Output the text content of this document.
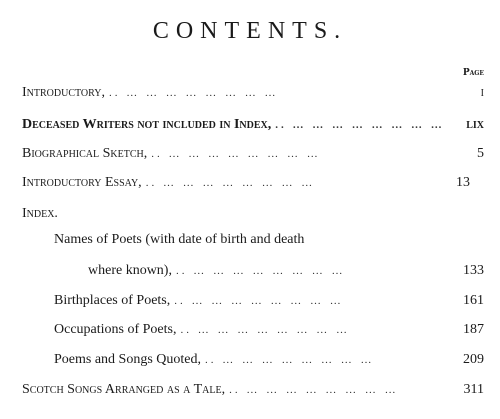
CONTENTS.
Page
Introductory, .. … … … … … … … …	i
Deceased Writers not included in Index, .. … … … … … … … …	lix
Biographical Sketch, .. … … … … … … … …	5
Introductory Essay, .. … … … … … … … …	13
Index.
Names of Poets (with date of birth and death
where known), .. … … … … … … … …	133
Birthplaces of Poets, .. … … … … … … … …	161
Occupations of Poets, .. … … … … … … … …	187
Poems and Songs Quoted, .. … … … … … … … …	209
Scotch Songs Arranged as a Tale, .. … … … … … … … …	311
